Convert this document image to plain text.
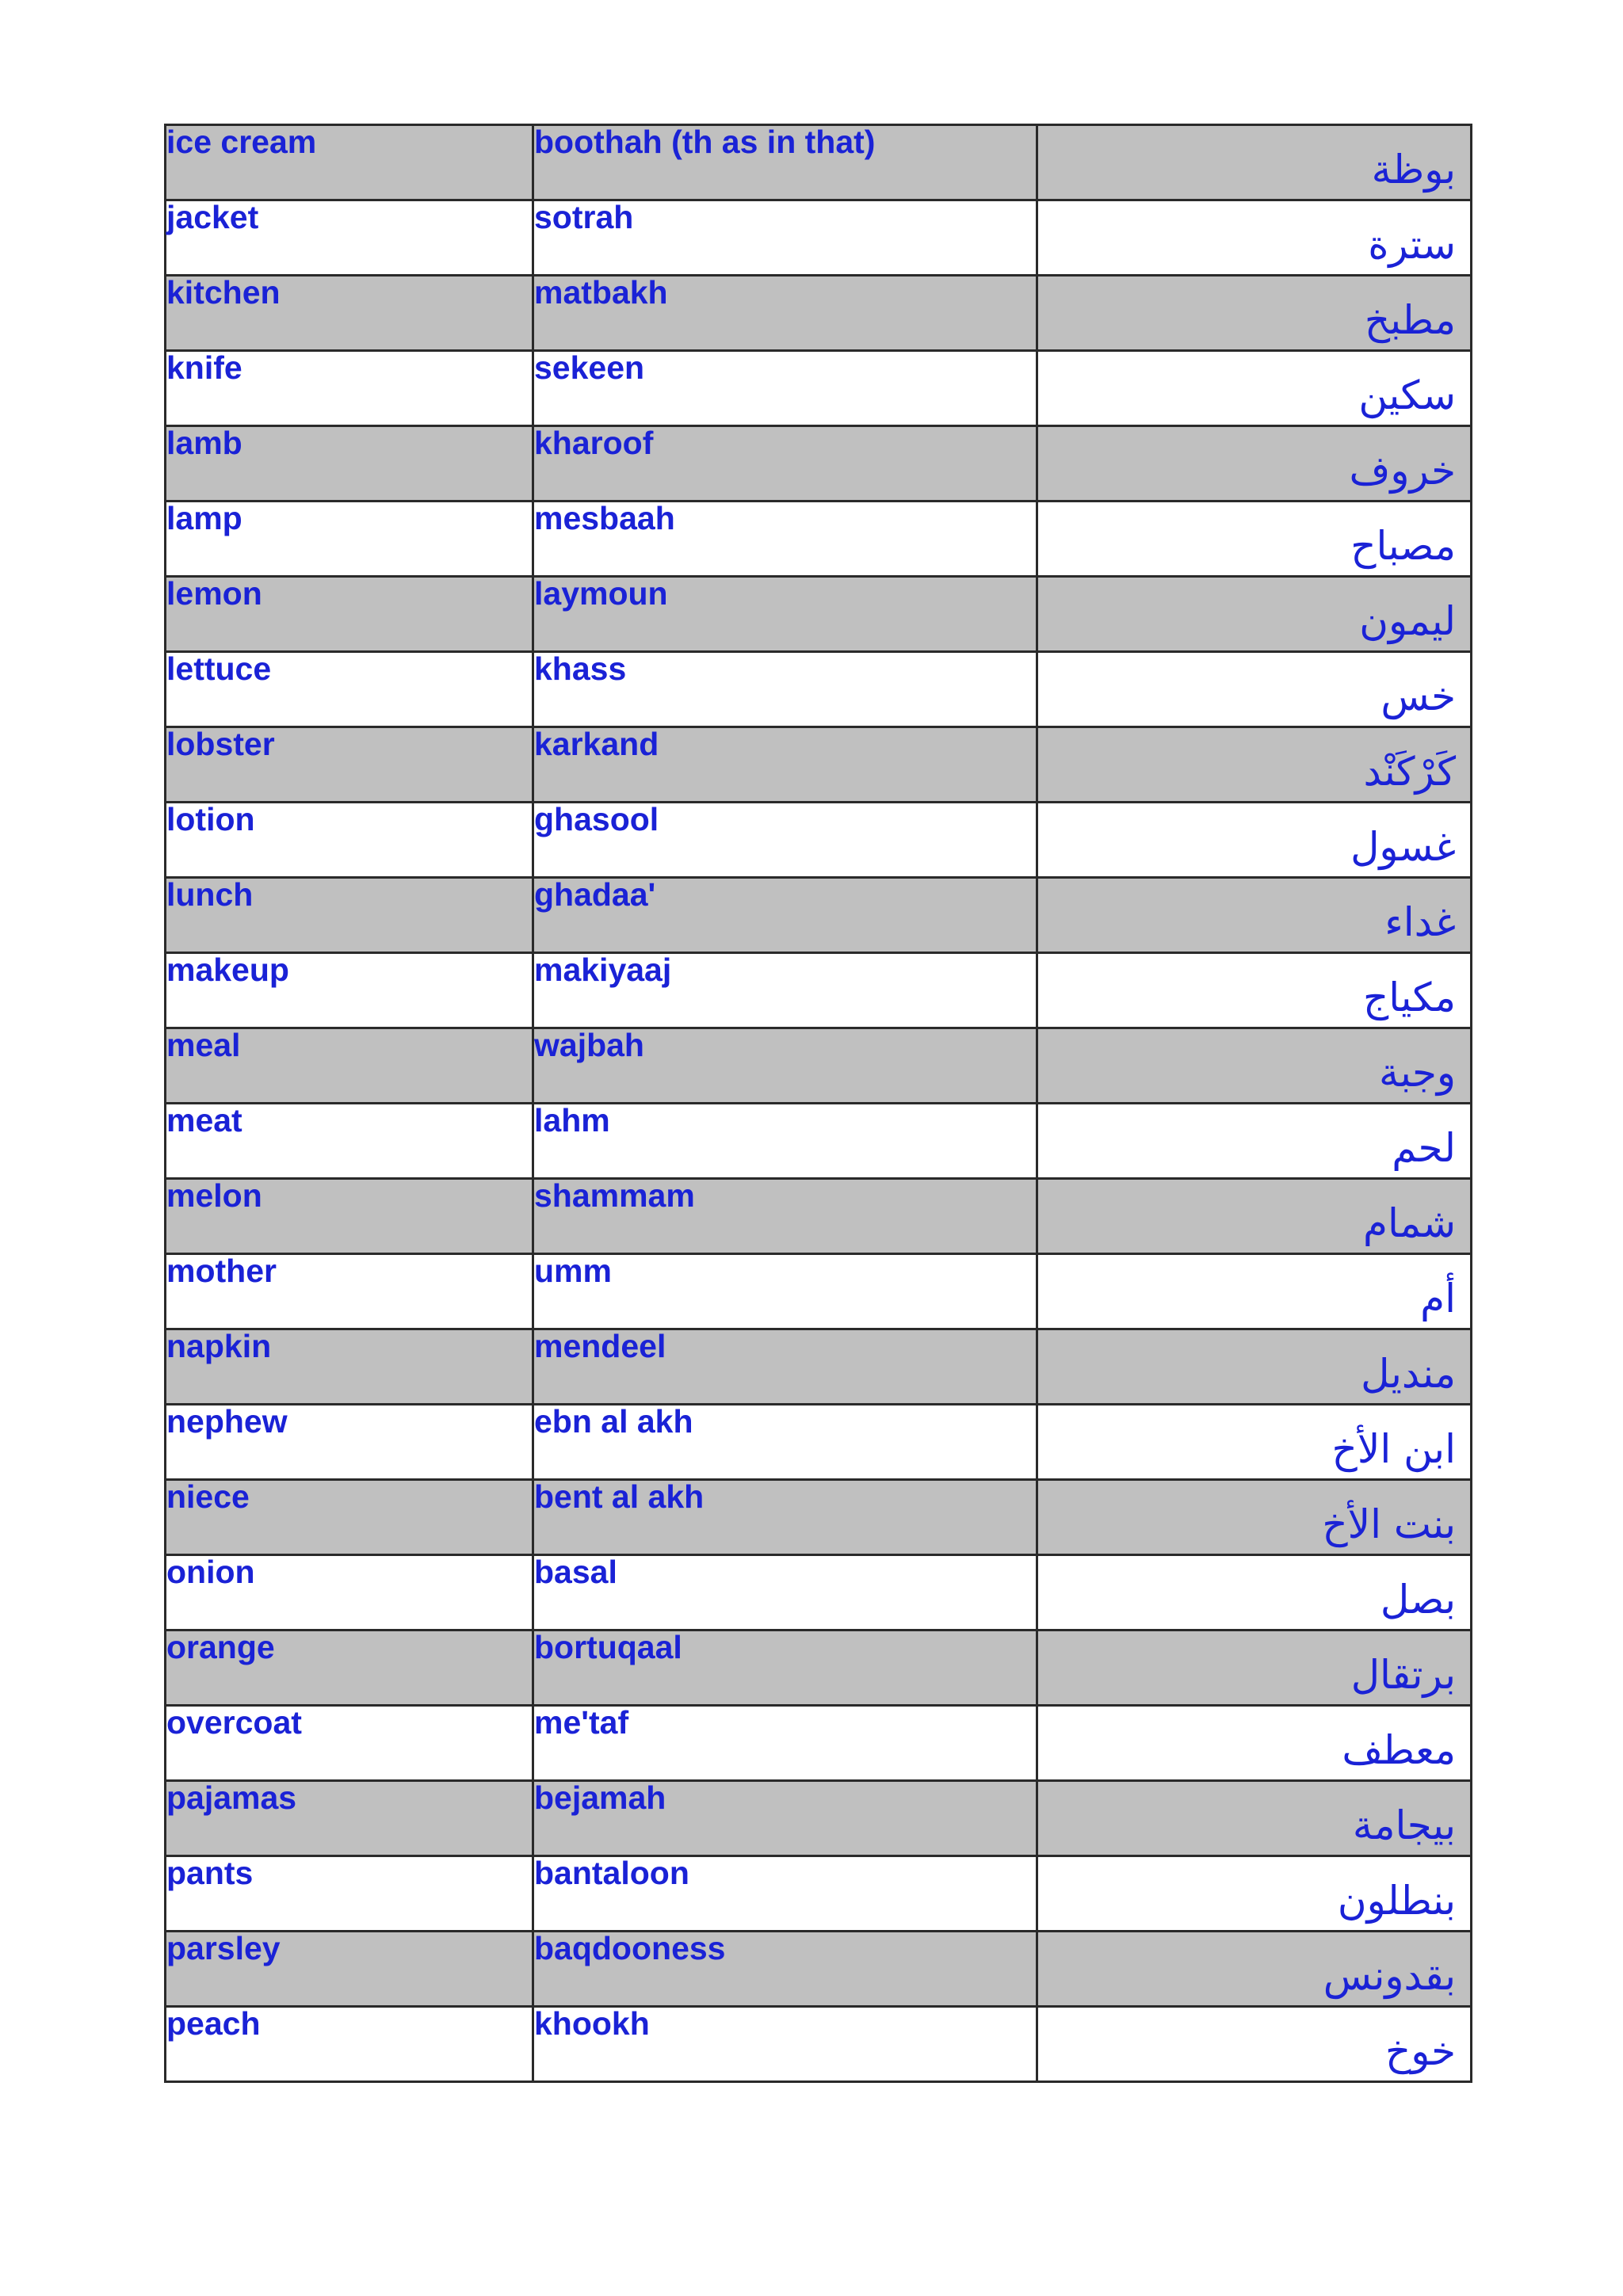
ice cream	boothah (th as in that)	بوظة
jacket	sotrah	سترة
kitchen	matbakh	مطبخ
knife	sekeen	سكين
lamb	kharoof	خروف
lamp	mesbaah	مصباح
lemon	laymoun	ليمون
lettuce	khass	خس
lobster	karkand	كَرْكَنْد
lotion	ghasool	غسول
lunch	ghadaa'	غداء
makeup	makiyaaj	مكياج
meal	wajbah	وجبة
meat	lahm	لحم
melon	shammam	شمام
mother	umm	أم
napkin	mendeel	منديل
nephew	ebn al akh	ابن الأخ
niece	bent al akh	بنت الأخ
onion	basal	بصل
orange	bortuqaal	برتقال
overcoat	me'taf	معطف
pajamas	bejamah	بيجامة
pants	bantaloon	بنطلون
parsley	baqdooness	بقدونس
peach	khookh	خوخ
